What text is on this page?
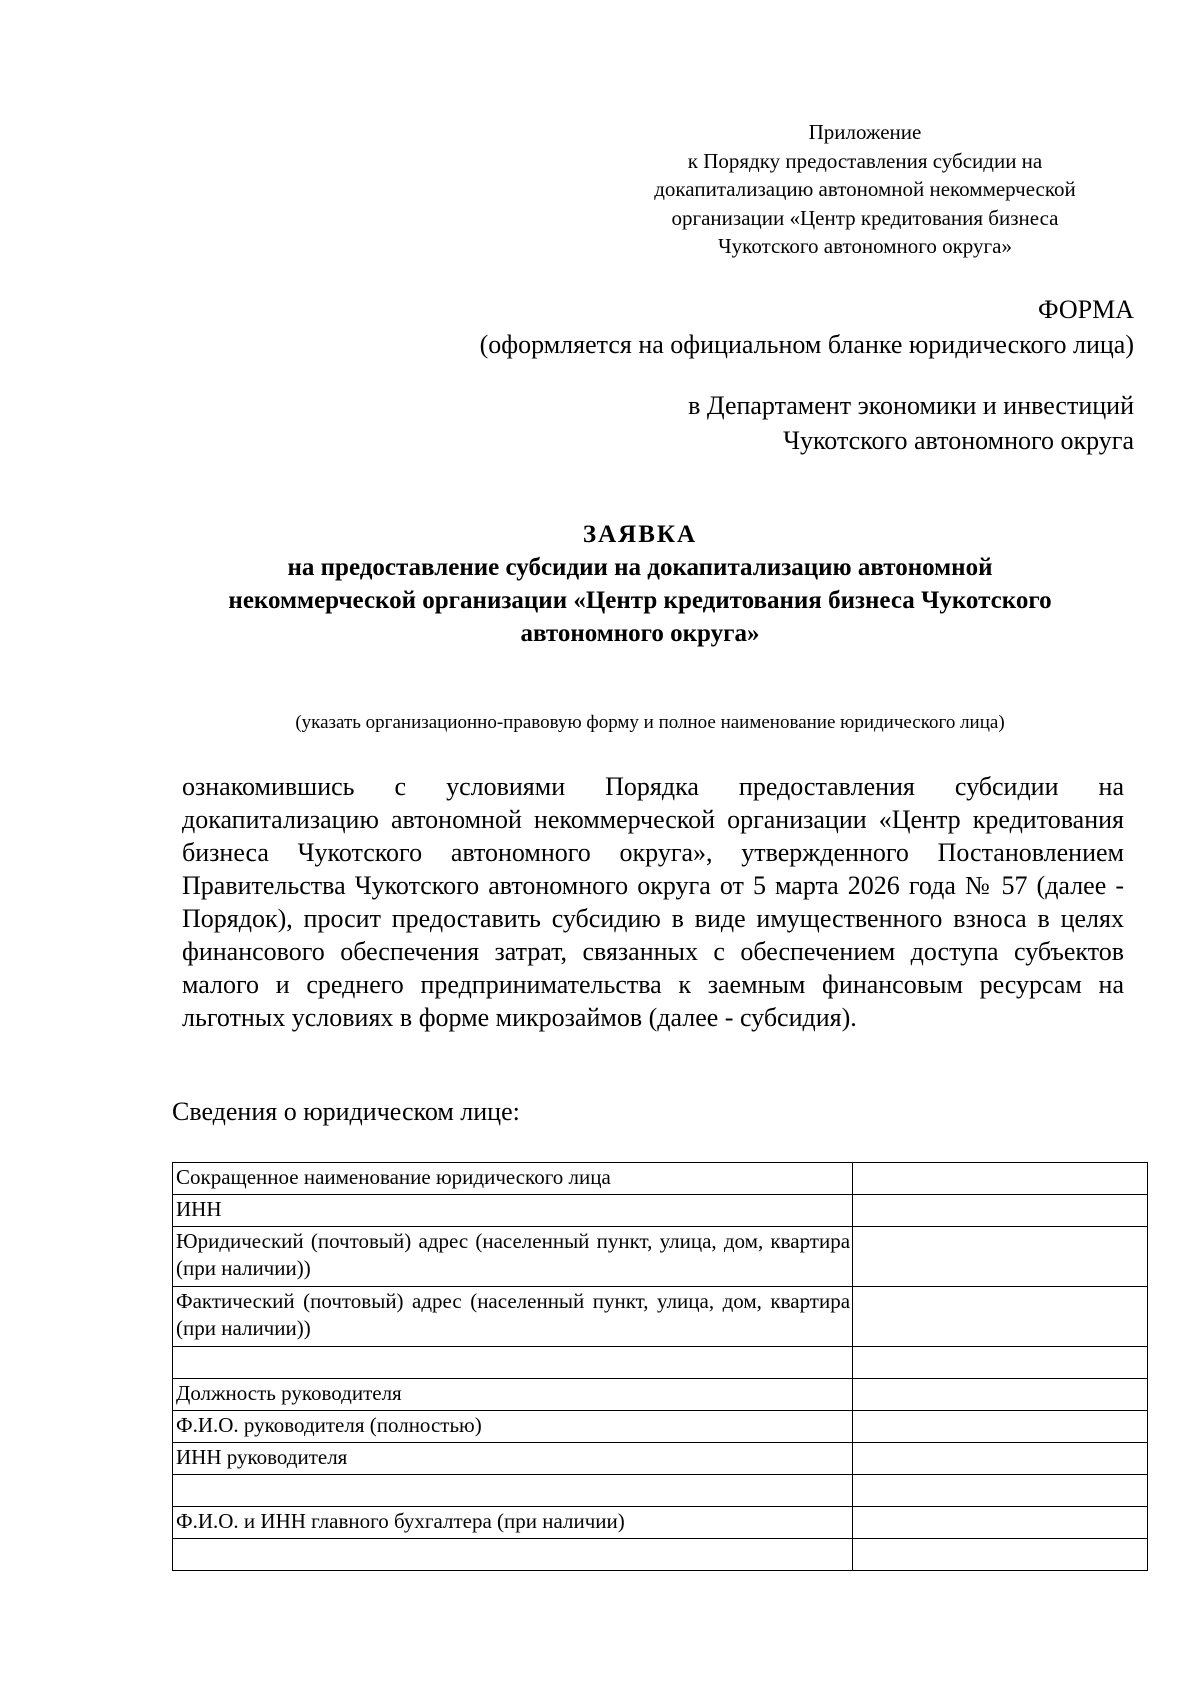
Приложение
к Порядку предоставления субсидии на
докапитализацию автономной некоммерческой
организации «Центр кредитования бизнеса
Чукотского автономного округа»
ФОРМА
(оформляется на официальном бланке юридического лица)
в Департамент экономики и инвестиций
Чукотского автономного округа
ЗАЯВКА
на предоставление субсидии на докапитализацию автономной
некоммерческой организации «Центр кредитования бизнеса Чукотского
автономного округа»
(указать организационно-правовую форму и полное наименование юридического лица)
ознакомившись с условиями Порядка предоставления субсидии на докапитализацию автономной некоммерческой организации «Центр кредитования бизнеса Чукотского автономного округа», утвержденного Постановлением Правительства Чукотского автономного округа от 5 марта 2026 года № 57 (далее - Порядок), просит предоставить субсидию в виде имущественного взноса в целях финансового обеспечения затрат, связанных с обеспечением доступа субъектов малого и среднего предпринимательства к заемным финансовым ресурсам на льготных условиях в форме микрозаймов (далее - субсидия).
Сведения о юридическом лице:
Сокращенное наименование юридического лица	
ИНН	
Юридический (почтовый) адрес (населенный пункт, улица, дом, квартира (при наличии))	
Фактический (почтовый) адрес (населенный пункт, улица, дом, квартира (при наличии))	

Должность руководителя	
Ф.И.О. руководителя (полностью)	
ИНН руководителя	

Ф.И.О. и ИНН главного бухгалтера (при наличии)	
